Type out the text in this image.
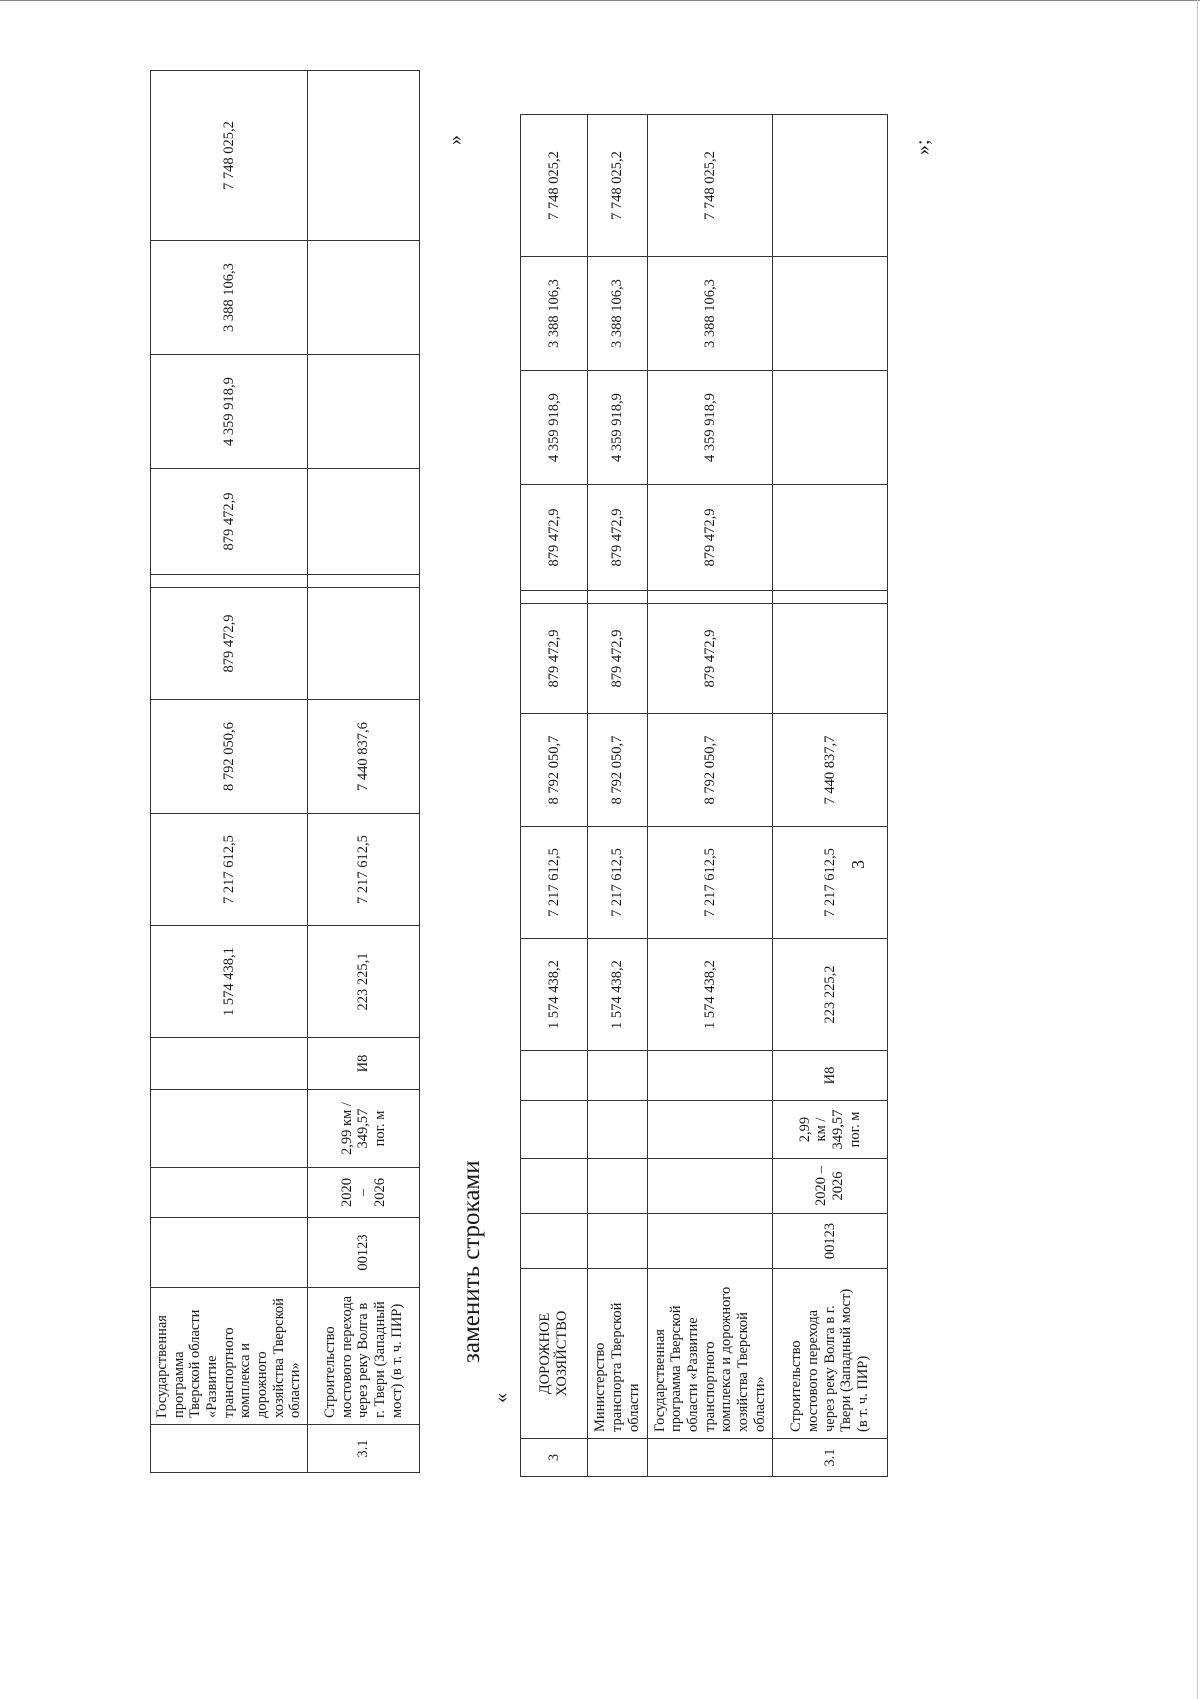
3
	Государственная программа Тверской области «Развитие транспортного комплекса и дорожного хозяйства Тверской области»					1 574 438,1	7 217 612,5	8 792 050,6	879 472,9		879 472,9	4 359 918,9	3 388 106,3	7 748 025,2
3.1	Строительство мостового перехода через реку Волга в г. Твери (Западный мост) (в т. ч. ПИР)	00123	2020 – 2026	2,99 км / 349,57 пог. м	И8	223 225,1	7 217 612,5	7 440 837,6						
»
заменить строками
«
3	ДОРОЖНОЕ ХОЗЯЙСТВО					1 574 438,2	7 217 612,5	8 792 050,7	879 472,9		879 472,9	4 359 918,9	3 388 106,3	7 748 025,2
	Министерство транспорта Тверской области					1 574 438,2	7 217 612,5	8 792 050,7	879 472,9		879 472,9	4 359 918,9	3 388 106,3	7 748 025,2
	Государственная программа Тверской области «Развитие транспортного комплекса и дорожного хозяйства Тверской области»					1 574 438,2	7 217 612,5	8 792 050,7	879 472,9		879 472,9	4 359 918,9	3 388 106,3	7 748 025,2
3.1	Строительство мостового перехода через реку Волга в г. Твери (Западный мост) (в т. ч. ПИР)	00123	2020 – 2026	2,99 км / 349,57 пог. м	И8	223 225,2	7 217 612,5	7 440 837,7						
»;
